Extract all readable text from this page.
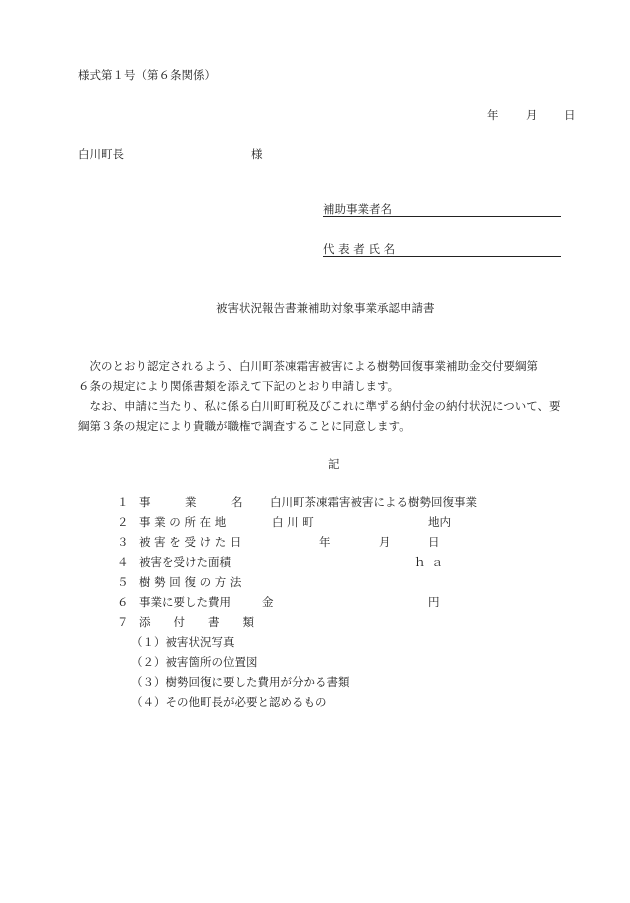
様式第１号（第６条関係）
年 月 日
白川町長	様
補助事業者名
代 表 者 氏 名
被害状況報告書兼補助対象事業承認申請書
　次のとおり認定されるよう、白川町茶凍霜害被害による樹勢回復事業補助金交付要綱第
６条の規定により関係書類を添えて下記のとおり申請します。
　なお、申請に当たり、私に係る白川町町税及びこれに準ずる納付金の納付状況について、要
綱第３条の規定により貴職が職権で調査することに同意します。
記
１ 事　　　業　　　名 白川町茶凍霜害被害による樹勢回復事業
２ 事 業 の 所 在 地	白 川 町	地内
３ 被 害 を 受 け た 日	年	月	日
４ 被害を受けた面積	ｈａ
５ 樹 勢 回 復 の 方 法
６ 事業に要した費用	金	円
７ 添　　付　　書　　類
（１）被害状況写真
（２）被害箇所の位置図
（３）樹勢回復に要した費用が分かる書類
（４）その他町長が必要と認めるもの
